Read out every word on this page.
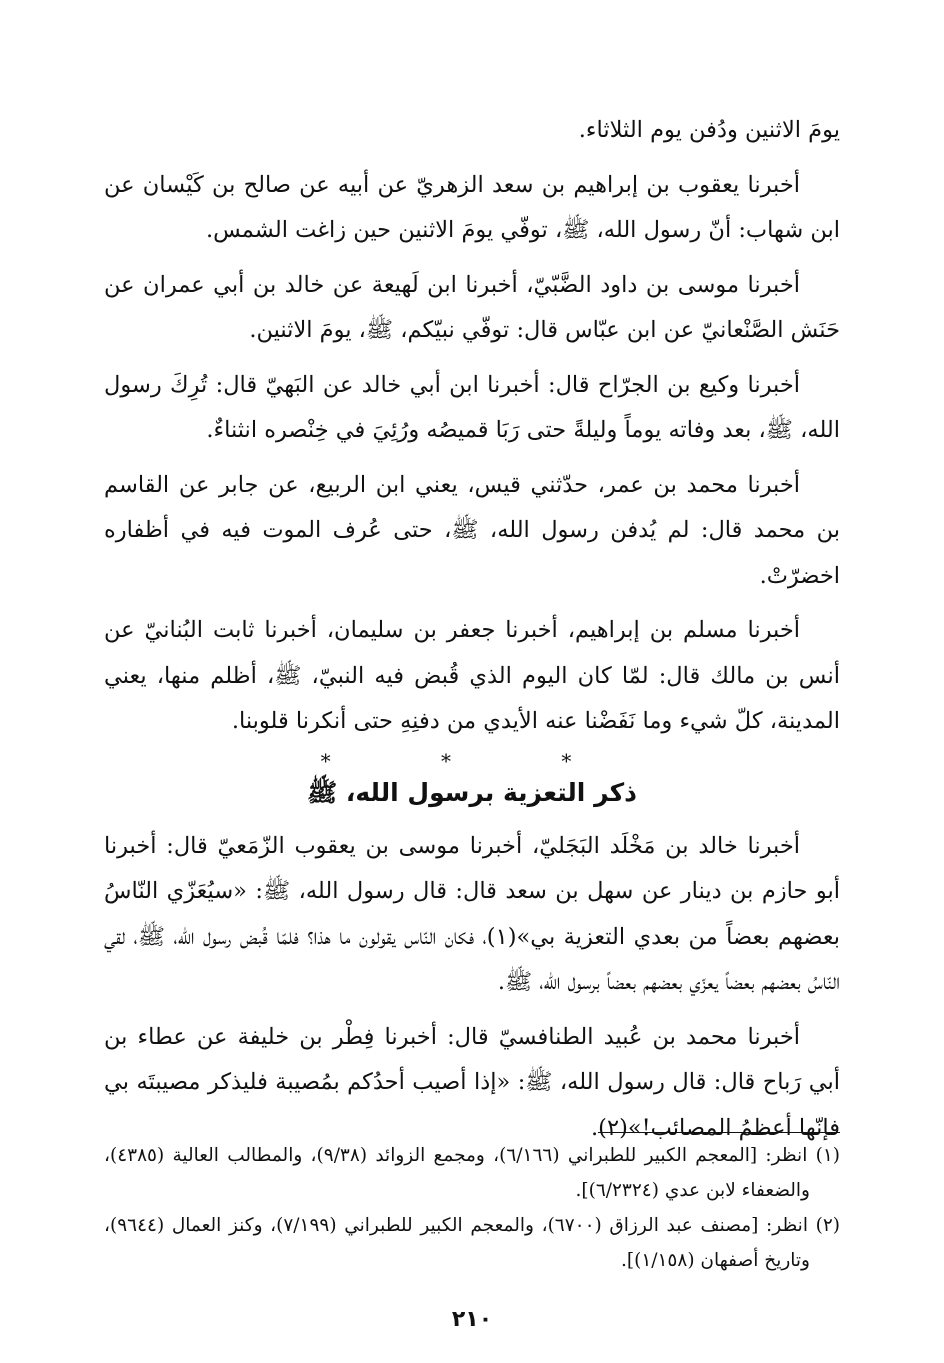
يومَ الاثنين ودُفن يوم الثلاثاء.

أخبرنا يعقوب بن إبراهيم بن سعد الزهريّ عن أبيه عن صالح بن كَيْسان عن ابن شهاب: أنّ رسول الله، ﷺ، توفّي يومَ الاثنين حين زاغت الشمس.

أخبرنا موسى بن داود الضَّبّيّ، أخبرنا ابن لَهيعة عن خالد بن أبي عمران عن حَنَش الصَّنْعانيّ عن ابن عبّاس قال: توفّي نبيّكم، ﷺ، يومَ الاثنين.

أخبرنا وكيع بن الجرّاح قال: أخبرنا ابن أبي خالد عن البَهيّ قال: تُرِكَ رسول الله، ﷺ، بعد وفاته يوماً وليلةً حتى رَبَا قميصُه ورُئِيَ في خِنْصره انثناءٌ.

أخبرنا محمد بن عمر، حدّثني قيس، يعني ابن الربيع، عن جابر عن القاسم بن محمد قال: لم يُدفن رسول الله، ﷺ، حتى عُرف الموت فيه في أظفاره اخضرّتْ.

أخبرنا مسلم بن إبراهيم، أخبرنا جعفر بن سليمان، أخبرنا ثابت البُنانيّ عن أنس بن مالك قال: لمّا كان اليوم الذي قُبض فيه النبيّ، ﷺ، أظلم منها، يعني المدينة، كلّ شيء وما نَفَضْنا عنه الأيدي من دفنِهِ حتى أنكرنا قلوبنا.

* * *
ذكر التعزية برسول الله، ﷺ

أخبرنا خالد بن مَخْلَد البَجَليّ، أخبرنا موسى بن يعقوب الزّمَعيّ قال: أخبرنا أبو حازم بن دينار عن سهل بن سعد قال: قال رسول الله، ﷺ: «سيُعَزّي النّاسُ بعضهم بعضاً من بعدي التعزية بي»(١)، فكان النّاس يقولون ما هذا؟ فلمّا قُبض رسول الله، ﷺ، لقي النّاسُ بعضهم بعضاً يعزّي بعضهم بعضاً برسول الله، ﷺ.

أخبرنا محمد بن عُبيد الطنافسيّ قال: أخبرنا فِطْر بن خليفة عن عطاء بن أبي رَباح قال: قال رسول الله، ﷺ: «إذا أصيب أحدُكم بمُصيبة فليذكر مصيبتَه بي فإنّها أعظمُ المصائب!»(٢).

(١) انظر: [المعجم الكبير للطبراني (٦/١٦٦)، ومجمع الزوائد (٩/٣٨)، والمطالب العالية (٤٣٨٥)، والضعفاء لابن عدي (٦/٢٣٢٤)].

(٢) انظر: [مصنف عبد الرزاق (٦٧٠٠)، والمعجم الكبير للطبراني (٧/١٩٩)، وكنز العمال (٩٦٤٤)، وتاريخ أصفهان (١/١٥٨)].

٢١٠
